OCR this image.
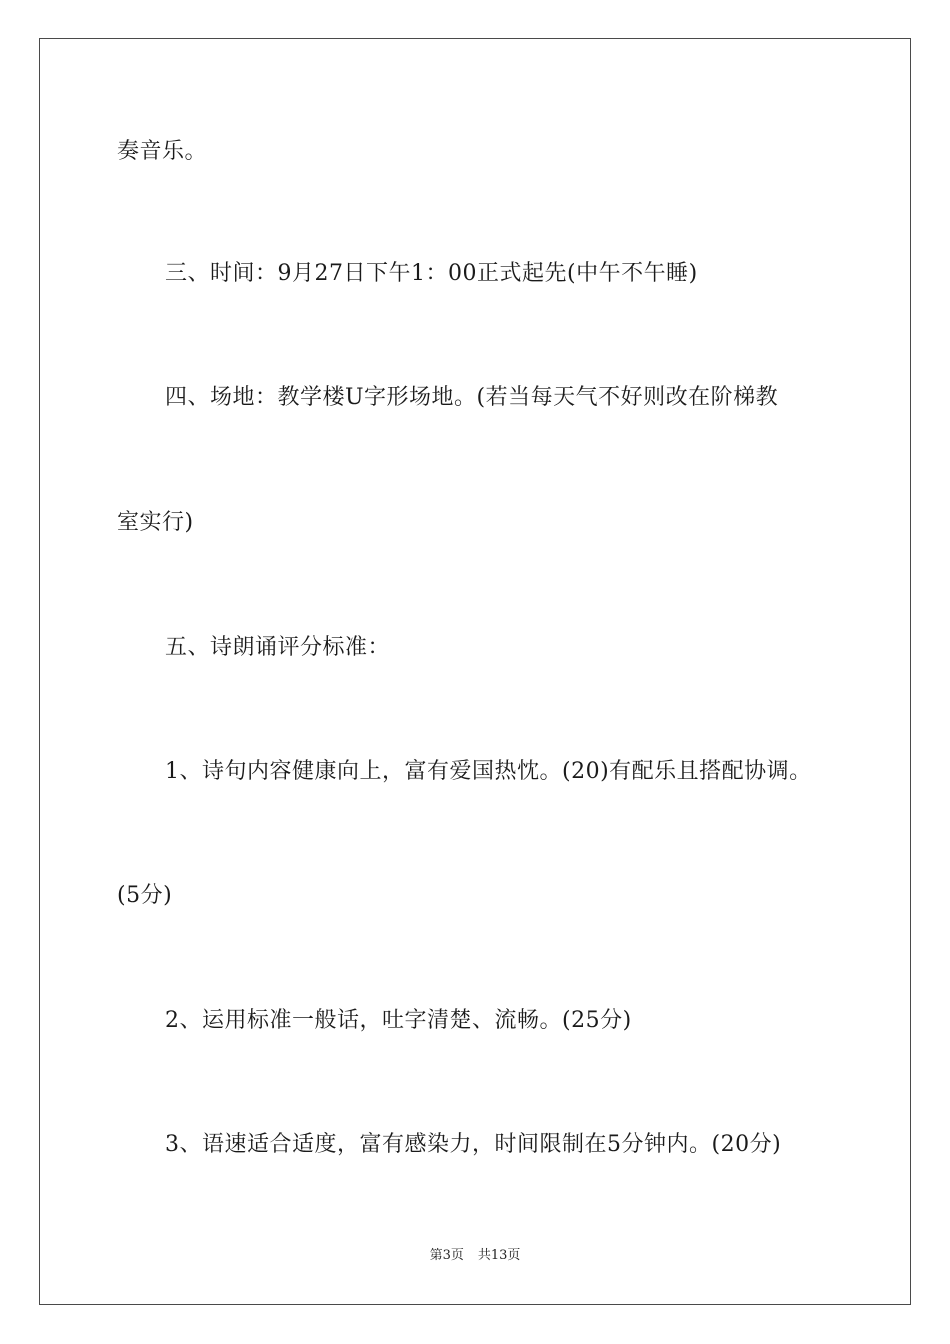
奏音乐。
三、时间：9月27日下午1：00正式起先(中午不午睡)
四、场地：教学楼U字形场地。(若当每天气不好则改在阶梯教
室实行)
五、诗朗诵评分标准：
1、诗句内容健康向上，富有爱国热忱。(20)有配乐且搭配协调。
(5分)
2、运用标准一般话，吐字清楚、流畅。(25分)
3、语速适合适度，富有感染力，时间限制在5分钟内。(20分)
第3页 共13页
